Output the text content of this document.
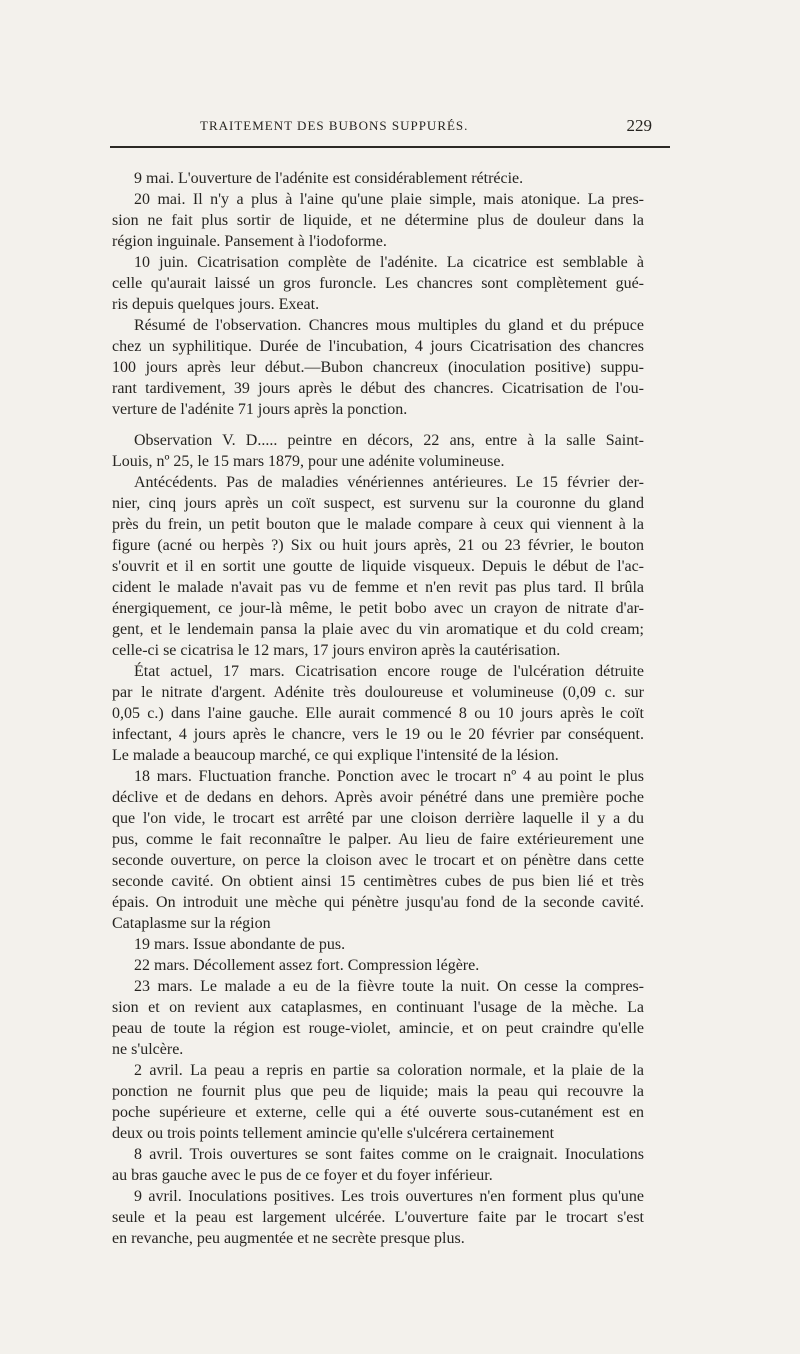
TRAITEMENT DES BUBONS SUPPURÉS.	229
9 mai. L'ouverture de l'adénite est considérablement rétrécie.
20 mai. Il n'y a plus à l'aine qu'une plaie simple, mais atonique. La pres-
sion ne fait plus sortir de liquide, et ne détermine plus de douleur dans la
région inguinale. Pansement à l'iodoforme.
10 juin. Cicatrisation complète de l'adénite. La cicatrice est semblable à
celle qu'aurait laissé un gros furoncle. Les chancres sont complètement gué-
ris depuis quelques jours. Exeat.
Résumé de l'observation. Chancres mous multiples du gland et du prépuce
chez un syphilitique. Durée de l'incubation, 4 jours Cicatrisation des chancres
100 jours après leur début.—Bubon chancreux (inoculation positive) suppu-
rant tardivement, 39 jours après le début des chancres. Cicatrisation de l'ou-
verture de l'adénite 71 jours après la ponction.
Observation V. D..... peintre en décors, 22 ans, entre à la salle Saint-
Louis, nº 25, le 15 mars 1879, pour une adénite volumineuse.
Antécédents. Pas de maladies vénériennes antérieures. Le 15 février der-
nier, cinq jours après un coït suspect, est survenu sur la couronne du gland
près du frein, un petit bouton que le malade compare à ceux qui viennent à la
figure (acné ou herpès ?) Six ou huit jours après, 21 ou 23 février, le bouton
s'ouvrit et il en sortit une goutte de liquide visqueux. Depuis le début de l'ac-
cident le malade n'avait pas vu de femme et n'en revit pas plus tard. Il brûla
énergiquement, ce jour-là même, le petit bobo avec un crayon de nitrate d'ar-
gent, et le lendemain pansa la plaie avec du vin aromatique et du cold cream;
celle-ci se cicatrisa le 12 mars, 17 jours environ après la cautérisation.
État actuel, 17 mars. Cicatrisation encore rouge de l'ulcération détruite
par le nitrate d'argent. Adénite très douloureuse et volumineuse (0,09 c. sur
0,05 c.) dans l'aine gauche. Elle aurait commencé 8 ou 10 jours après le coït
infectant, 4 jours après le chancre, vers le 19 ou le 20 février par conséquent.
Le malade a beaucoup marché, ce qui explique l'intensité de la lésion.
18 mars. Fluctuation franche. Ponction avec le trocart nº 4 au point le plus
déclive et de dedans en dehors. Après avoir pénétré dans une première poche
que l'on vide, le trocart est arrêté par une cloison derrière laquelle il y a du
pus, comme le fait reconnaître le palper. Au lieu de faire extérieurement une
seconde ouverture, on perce la cloison avec le trocart et on pénètre dans cette
seconde cavité. On obtient ainsi 15 centimètres cubes de pus bien lié et très
épais. On introduit une mèche qui pénètre jusqu'au fond de la seconde cavité.
Cataplasme sur la région
19 mars. Issue abondante de pus.
22 mars. Décollement assez fort. Compression légère.
23 mars. Le malade a eu de la fièvre toute la nuit. On cesse la compres-
sion et on revient aux cataplasmes, en continuant l'usage de la mèche. La
peau de toute la région est rouge-violet, amincie, et on peut craindre qu'elle
ne s'ulcère.
2 avril. La peau a repris en partie sa coloration normale, et la plaie de la
ponction ne fournit plus que peu de liquide; mais la peau qui recouvre la
poche supérieure et externe, celle qui a été ouverte sous-cutanément est en
deux ou trois points tellement amincie qu'elle s'ulcérera certainement
8 avril. Trois ouvertures se sont faites comme on le craignait. Inoculations
au bras gauche avec le pus de ce foyer et du foyer inférieur.
9 avril. Inoculations positives. Les trois ouvertures n'en forment plus qu'une
seule et la peau est largement ulcérée. L'ouverture faite par le trocart s'est
en revanche, peu augmentée et ne secrète presque plus.
